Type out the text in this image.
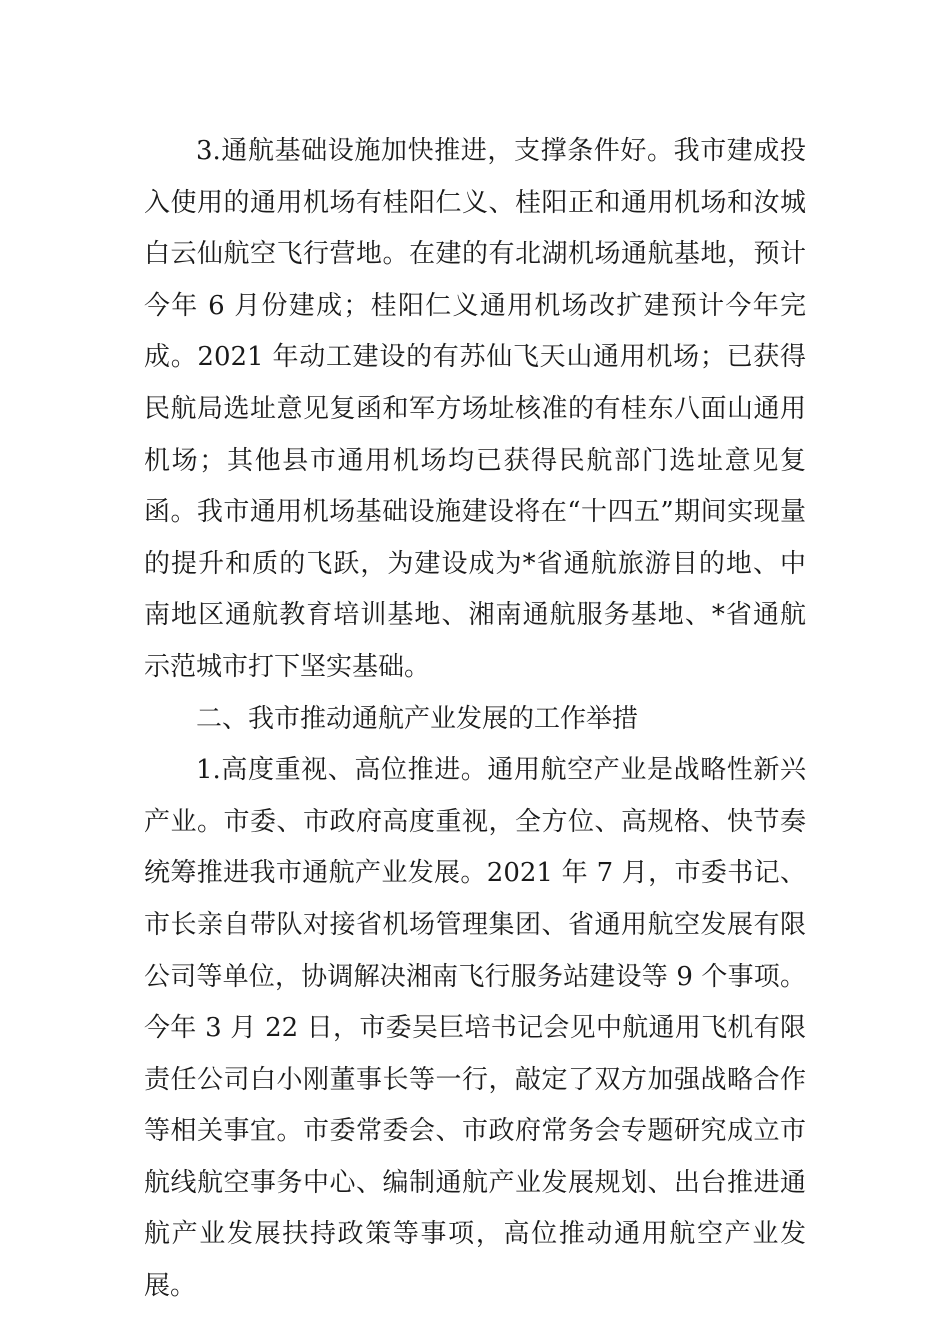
3.通航基础设施加快推进，支撑条件好。我市建成投入使用的通用机场有桂阳仁义、桂阳正和通用机场和汝城白云仙航空飞行营地。在建的有北湖机场通航基地，预计今年 6 月份建成；桂阳仁义通用机场改扩建预计今年完成。2021 年动工建设的有苏仙飞天山通用机场；已获得民航局选址意见复函和军方场址核准的有桂东八面山通用机场；其他县市通用机场均已获得民航部门选址意见复函。我市通用机场基础设施建设将在“十四五”期间实现量的提升和质的飞跃，为建设成为*省通航旅游目的地、中南地区通航教育培训基地、湘南通航服务基地、*省通航示范城市打下坚实基础。

二、我市推动通航产业发展的工作举措

1.高度重视、高位推进。通用航空产业是战略性新兴产业。市委、市政府高度重视，全方位、高规格、快节奏统筹推进我市通航产业发展。2021 年 7 月，市委书记、市长亲自带队对接省机场管理集团、省通用航空发展有限公司等单位，协调解决湘南飞行服务站建设等 9 个事项。今年 3 月 22 日，市委吴巨培书记会见中航通用飞机有限责任公司白小刚董事长等一行，敲定了双方加强战略合作等相关事宜。市委常委会、市政府常务会专题研究成立市航线航空事务中心、编制通航产业发展规划、出台推进通航产业发展扶持政策等事项，高位推动通用航空产业发展。
